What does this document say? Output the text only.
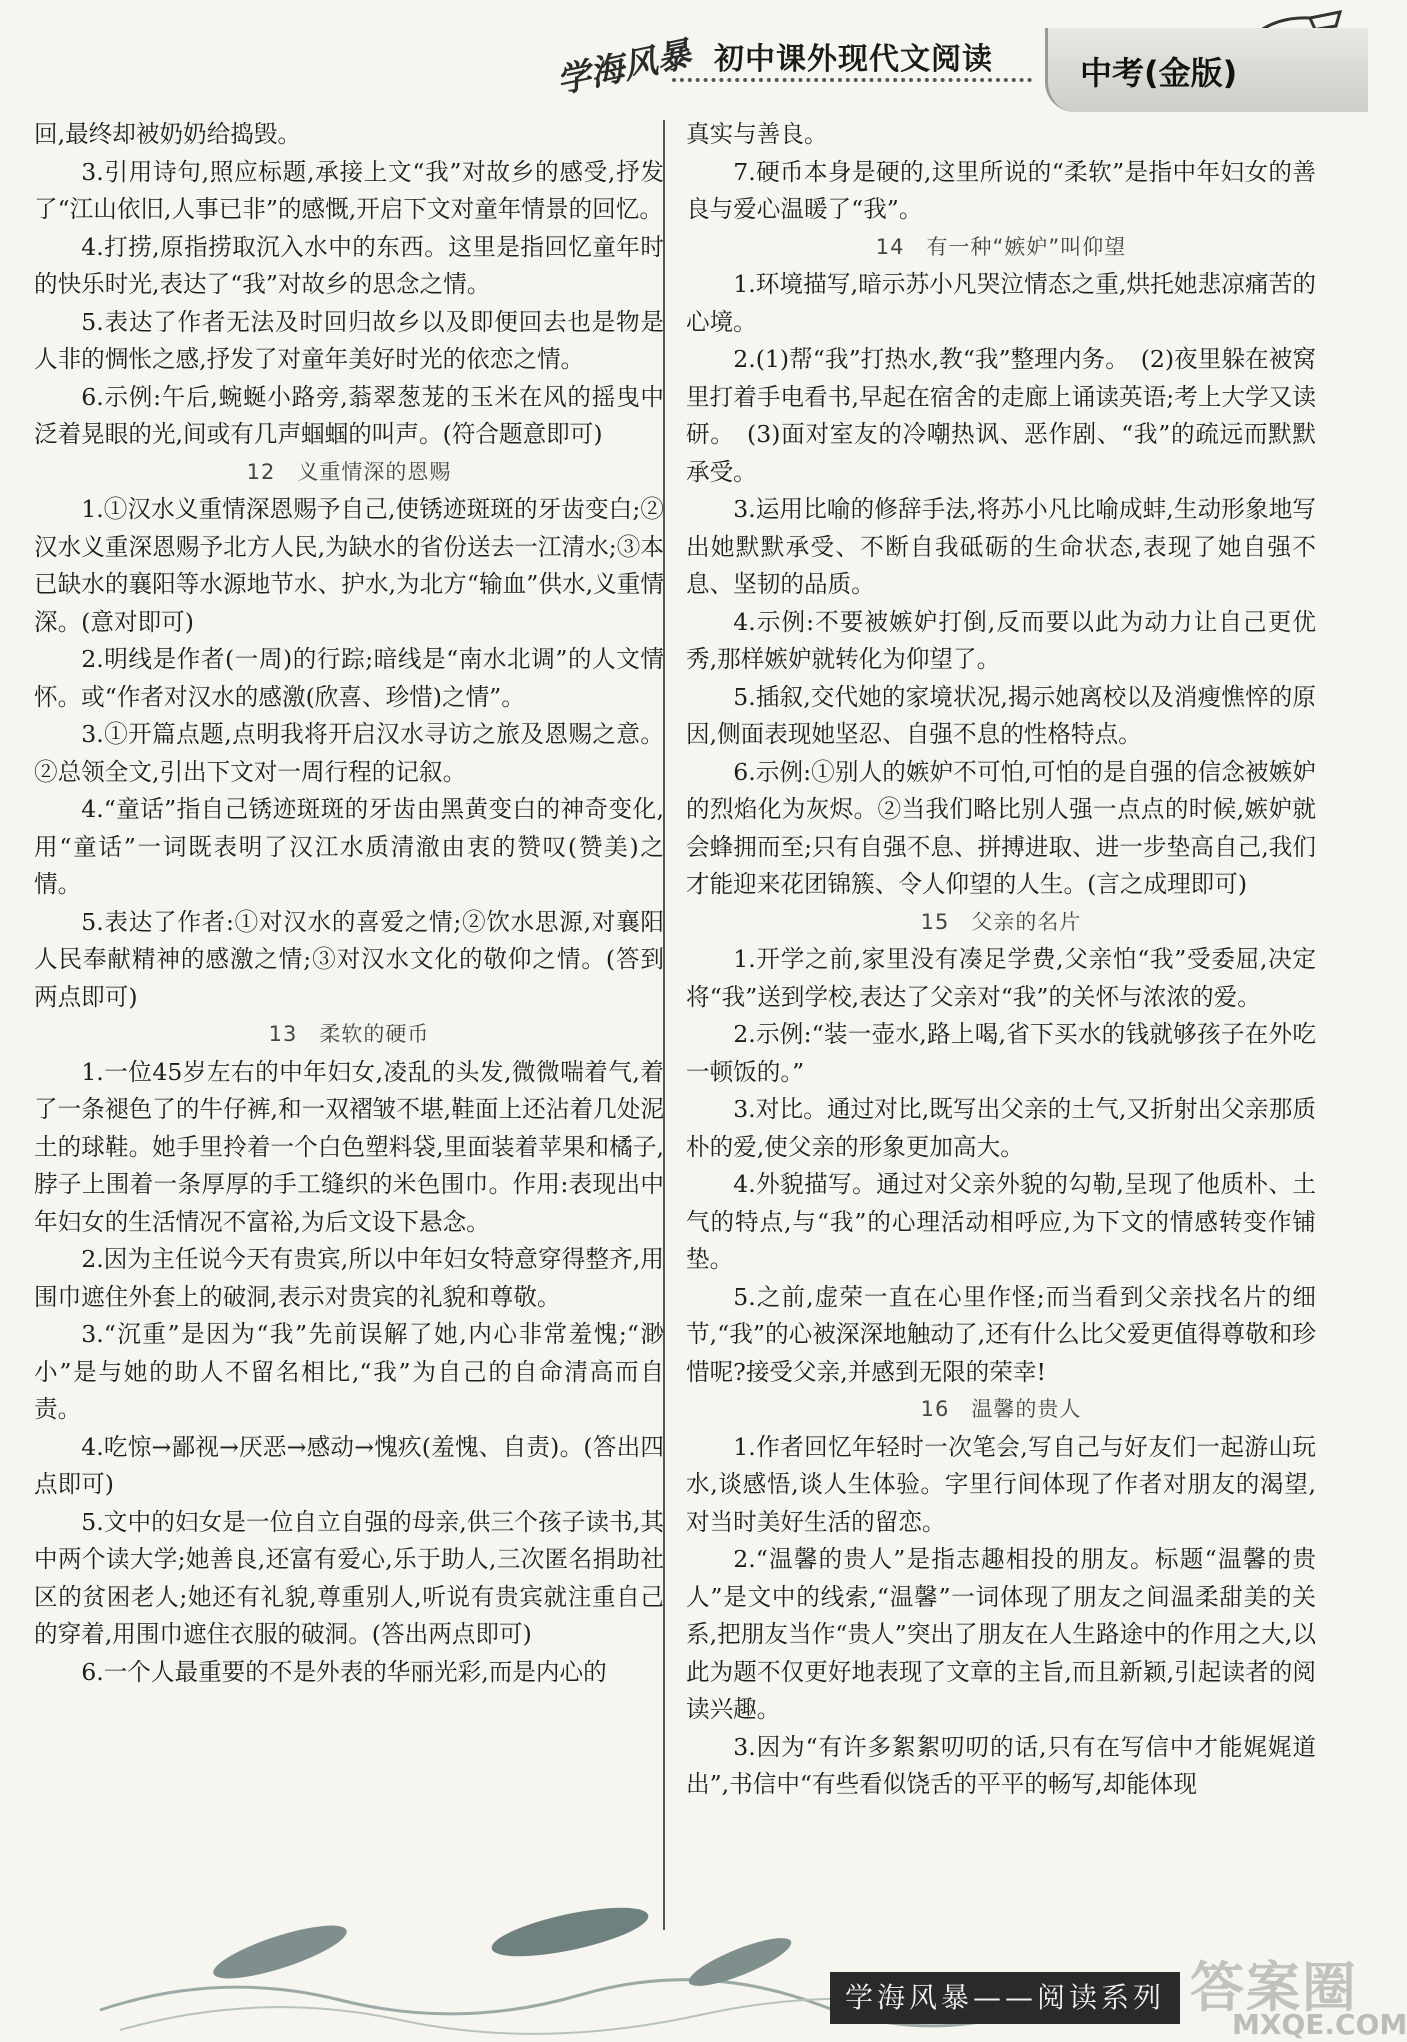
学海风暴 初中课外现代文阅读	中考(金版)

回,最终却被奶奶给捣毁。

3.引用诗句,照应标题,承接上文“我”对故乡的感受,抒发了“江山依旧,人事已非”的感慨,开启下文对童年情景的回忆。

4.打捞,原指捞取沉入水中的东西。这里是指回忆童年时的快乐时光,表达了“我”对故乡的思念之情。

5.表达了作者无法及时回归故乡以及即便回去也是物是人非的惆怅之感,抒发了对童年美好时光的依恋之情。

6.示例:午后,蜿蜒小路旁,蓊翠葱茏的玉米在风的摇曳中泛着晃眼的光,间或有几声蝈蝈的叫声。(符合题意即可)

12　义重情深的恩赐

1.①汉水义重情深恩赐予自己,使锈迹斑斑的牙齿变白;②汉水义重深恩赐予北方人民,为缺水的省份送去一江清水;③本已缺水的襄阳等水源地节水、护水,为北方“输血”供水,义重情深。(意对即可)

2.明线是作者(一周)的行踪;暗线是“南水北调”的人文情怀。或“作者对汉水的感激(欣喜、珍惜)之情”。

3.①开篇点题,点明我将开启汉水寻访之旅及恩赐之意。②总领全文,引出下文对一周行程的记叙。

4.“童话”指自己锈迹斑斑的牙齿由黑黄变白的神奇变化,用“童话”一词既表明了汉江水质清澈由衷的赞叹(赞美)之情。

5.表达了作者:①对汉水的喜爱之情;②饮水思源,对襄阳人民奉献精神的感激之情;③对汉水文化的敬仰之情。(答到两点即可)

13　柔软的硬币

1.一位45岁左右的中年妇女,凌乱的头发,微微喘着气,着了一条褪色了的牛仔裤,和一双褶皱不堪,鞋面上还沾着几处泥土的球鞋。她手里拎着一个白色塑料袋,里面装着苹果和橘子,脖子上围着一条厚厚的手工缝织的米色围巾。作用:表现出中年妇女的生活情况不富裕,为后文设下悬念。

2.因为主任说今天有贵宾,所以中年妇女特意穿得整齐,用围巾遮住外套上的破洞,表示对贵宾的礼貌和尊敬。

3.“沉重”是因为“我”先前误解了她,内心非常羞愧;“渺小”是与她的助人不留名相比,“我”为自己的自命清高而自责。

4.吃惊→鄙视→厌恶→感动→愧疚(羞愧、自责)。(答出四点即可)

5.文中的妇女是一位自立自强的母亲,供三个孩子读书,其中两个读大学;她善良,还富有爱心,乐于助人,三次匿名捐助社区的贫困老人;她还有礼貌,尊重别人,听说有贵宾就注重自己的穿着,用围巾遮住衣服的破洞。(答出两点即可)

6.一个人最重要的不是外表的华丽光彩,而是内心的

真实与善良。

7.硬币本身是硬的,这里所说的“柔软”是指中年妇女的善良与爱心温暖了“我”。

14　有一种“嫉妒”叫仰望

1.环境描写,暗示苏小凡哭泣情态之重,烘托她悲凉痛苦的心境。

2.(1)帮“我”打热水,教“我”整理内务。　(2)夜里躲在被窝里打着手电看书,早起在宿舍的走廊上诵读英语;考上大学又读研。　(3)面对室友的冷嘲热讽、恶作剧、“我”的疏远而默默承受。

3.运用比喻的修辞手法,将苏小凡比喻成蚌,生动形象地写出她默默承受、不断自我砥砺的生命状态,表现了她自强不息、坚韧的品质。

4.示例:不要被嫉妒打倒,反而要以此为动力让自己更优秀,那样嫉妒就转化为仰望了。

5.插叙,交代她的家境状况,揭示她离校以及消瘦憔悴的原因,侧面表现她坚忍、自强不息的性格特点。

6.示例:①别人的嫉妒不可怕,可怕的是自强的信念被嫉妒的烈焰化为灰烬。②当我们略比别人强一点点的时候,嫉妒就会蜂拥而至;只有自强不息、拼搏进取、进一步垫高自己,我们才能迎来花团锦簇、令人仰望的人生。(言之成理即可)

15　父亲的名片

1.开学之前,家里没有凑足学费,父亲怕“我”受委屈,决定将“我”送到学校,表达了父亲对“我”的关怀与浓浓的爱。

2.示例:“装一壶水,路上喝,省下买水的钱就够孩子在外吃一顿饭的。”

3.对比。通过对比,既写出父亲的土气,又折射出父亲那质朴的爱,使父亲的形象更加高大。

4.外貌描写。通过对父亲外貌的勾勒,呈现了他质朴、土气的特点,与“我”的心理活动相呼应,为下文的情感转变作铺垫。

5.之前,虚荣一直在心里作怪;而当看到父亲找名片的细节,“我”的心被深深地触动了,还有什么比父爱更值得尊敬和珍惜呢?接受父亲,并感到无限的荣幸!

16　温馨的贵人

1.作者回忆年轻时一次笔会,写自己与好友们一起游山玩水,谈感悟,谈人生体验。字里行间体现了作者对朋友的渴望,对当时美好生活的留恋。

2.“温馨的贵人”是指志趣相投的朋友。标题“温馨的贵人”是文中的线索,“温馨”一词体现了朋友之间温柔甜美的关系,把朋友当作“贵人”突出了朋友在人生路途中的作用之大,以此为题不仅更好地表现了文章的主旨,而且新颖,引起读者的阅读兴趣。

3.因为“有许多絮絮叨叨的话,只有在写信中才能娓娓道出”,书信中“有些看似饶舌的平平的畅写,却能体现

学海风暴——阅读系列 答案圈
MXQE.COM
